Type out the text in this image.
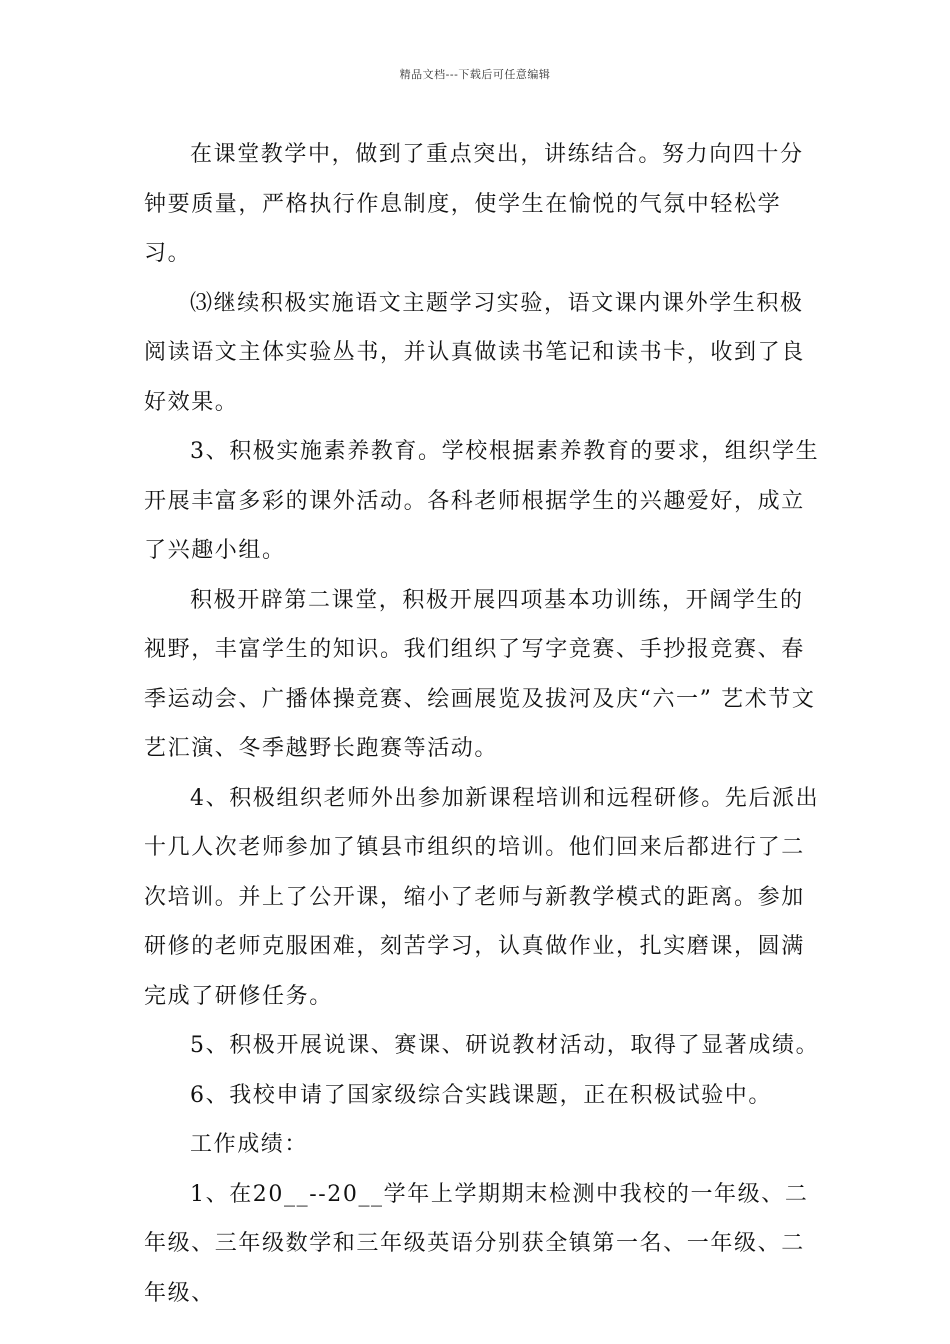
精品文档---下载后可任意编辑

在课堂教学中，做到了重点突出，讲练结合。努力向四十分钟要质量，严格执行作息制度，使学生在愉悦的气氛中轻松学习。

⑶继续积极实施语文主题学习实验，语文课内课外学生积极阅读语文主体实验丛书，并认真做读书笔记和读书卡，收到了良好效果。

3、积极实施素养教育。学校根据素养教育的要求，组织学生开展丰富多彩的课外活动。各科老师根据学生的兴趣爱好，成立了兴趣小组。

积极开辟第二课堂，积极开展四项基本功训练，开阔学生的视野，丰富学生的知识。我们组织了写字竞赛、手抄报竞赛、春季运动会、广播体操竞赛、绘画展览及拔河及庆“六一” 艺术节文艺汇演、冬季越野长跑赛等活动。

4、积极组织老师外出参加新课程培训和远程研修。先后派出十几人次老师参加了镇县市组织的培训。他们回来后都进行了二次培训。并上了公开课，缩小了老师与新教学模式的距离。参加研修的老师克服困难，刻苦学习，认真做作业，扎实磨课，圆满完成了研修任务。

5、积极开展说课、赛课、研说教材活动，取得了显著成绩。

6、我校申请了国家级综合实践课题，正在积极试验中。

工作成绩：

1、在20__--20__学年上学期期末检测中我校的一年级、二年级、三年级数学和三年级英语分别获全镇第一名、一年级、二年级、
